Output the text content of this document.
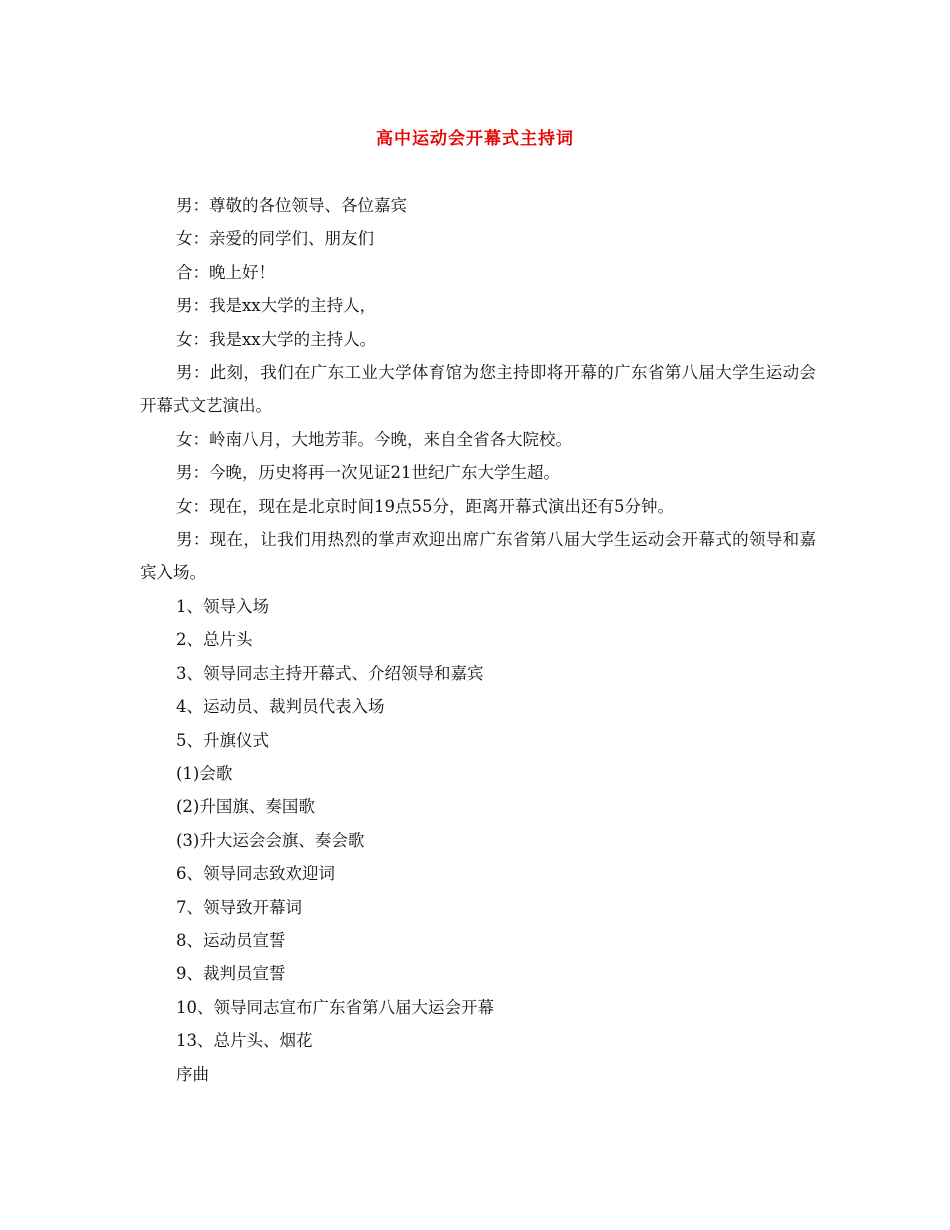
高中运动会开幕式主持词

男：尊敬的各位领导、各位嘉宾

女：亲爱的同学们、朋友们

合：晚上好！

男：我是xx大学的主持人，

女：我是xx大学的主持人。

男：此刻，我们在广东工业大学体育馆为您主持即将开幕的广东省第八届大学生运动会开幕式文艺演出。

女：岭南八月，大地芳菲。今晚，来自全省各大院校。

男：今晚，历史将再一次见证21世纪广东大学生超。

女：现在，现在是北京时间19点55分，距离开幕式演出还有5分钟。

男：现在，让我们用热烈的掌声欢迎出席广东省第八届大学生运动会开幕式的领导和嘉宾入场。

1、领导入场

2、总片头

3、领导同志主持开幕式、介绍领导和嘉宾

4、运动员、裁判员代表入场

5、升旗仪式

(1)会歌

(2)升国旗、奏国歌

(3)升大运会会旗、奏会歌

6、领导同志致欢迎词

7、领导致开幕词

8、运动员宣誓

9、裁判员宣誓

10、领导同志宣布广东省第八届大运会开幕

13、总片头、烟花

序曲
